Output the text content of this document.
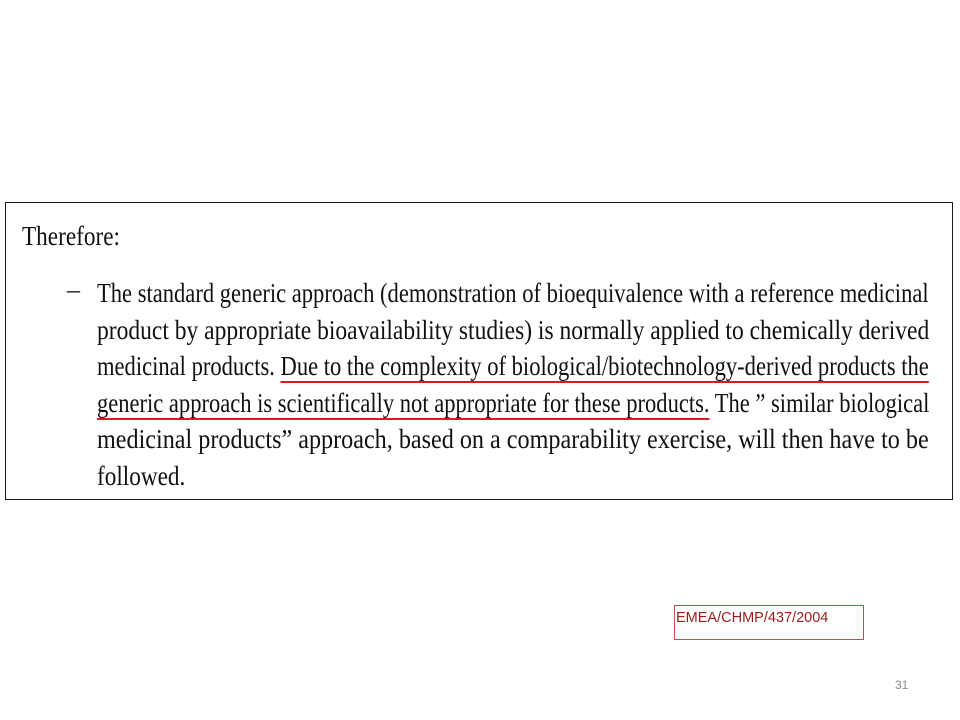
Therefore:
– The standard generic approach (demonstration of bioequivalence with a reference medicinal
product by appropriate bioavailability studies) is normally applied to chemically derived
medicinal products. Due to the complexity of biological/biotechnology-derived products the
generic approach is scientifically not appropriate for these products. The ” similar biological
medicinal products” approach, based on a comparability exercise, will then have to be
followed.

EMEA/CHMP/437/2004
31
